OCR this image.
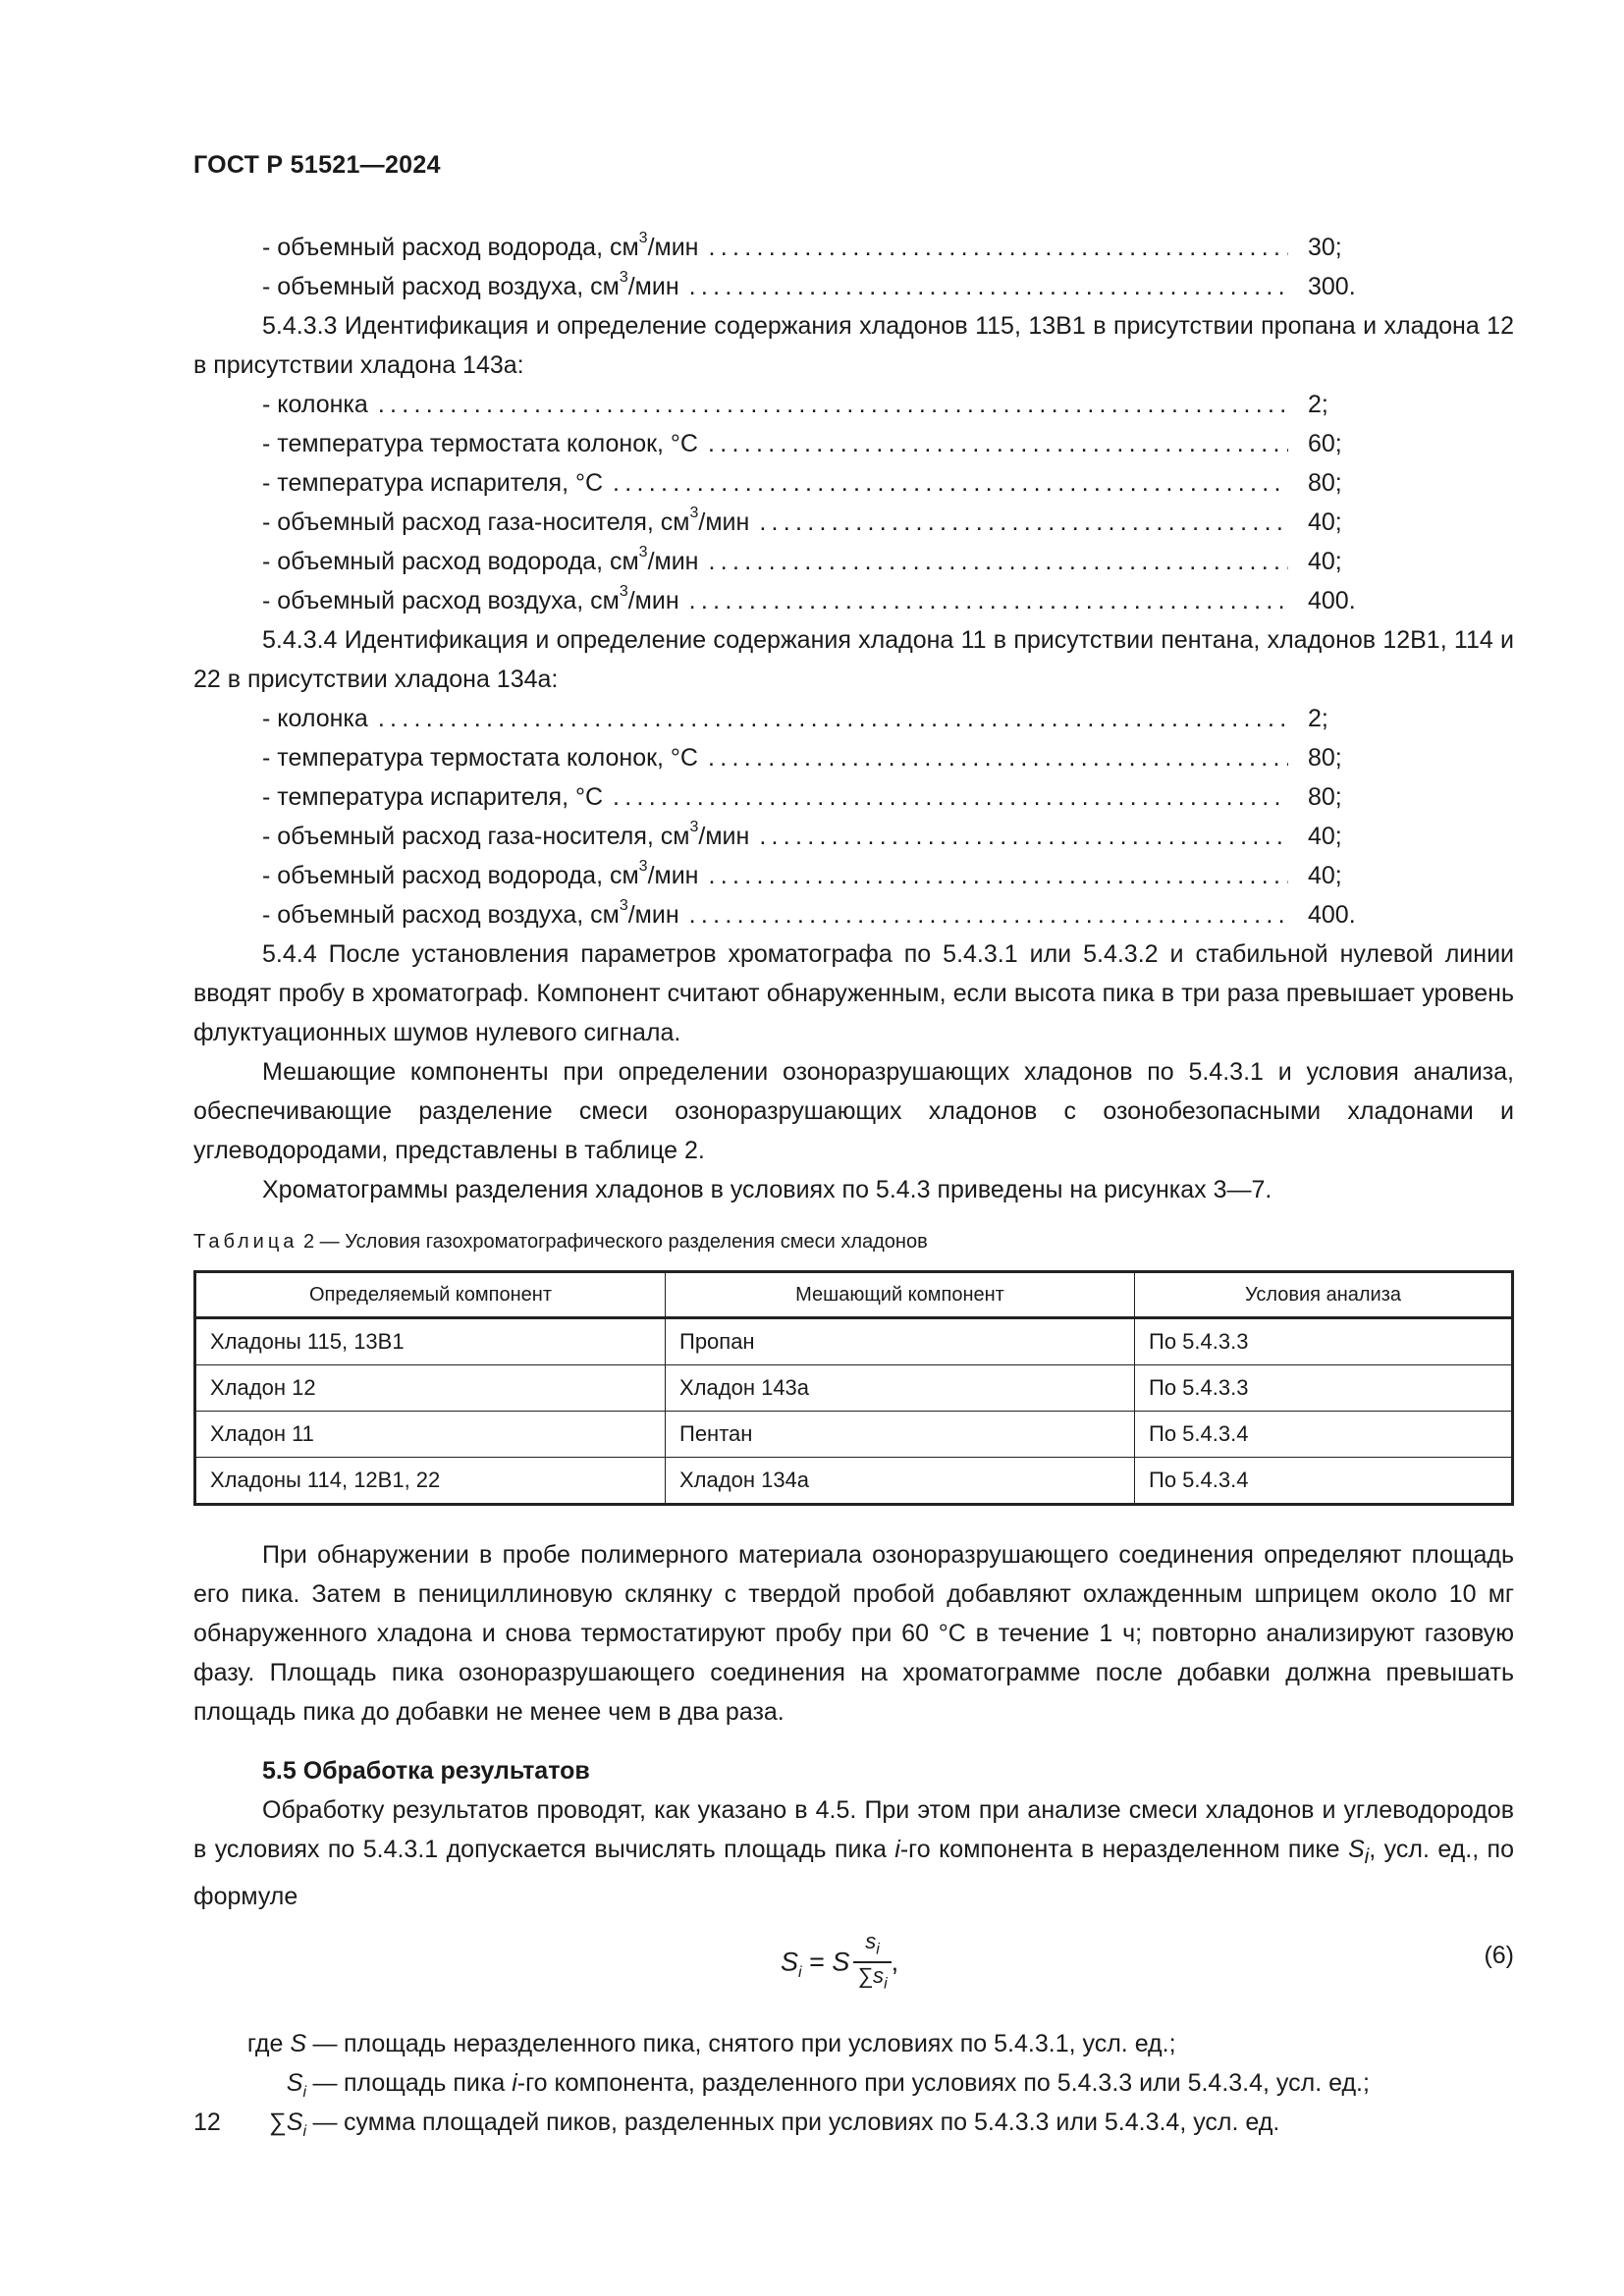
ГОСТ Р 51521—2024
- объемный расход водорода, $см^3$/мин .....	30;
- объемный расход воздуха, $см^3$/мин .....	300.
5.4.3.3 Идентификация и определение содержания хладонов 115, 13В1 в присутствии пропана и хладона 12 в присутствии хладона 143а:
- колонка .....	2;
- температура термостата колонок, °С .....	60;
- температура испарителя, °С .....	80;
- объемный расход газа-носителя, $см^3$/мин .....	40;
- объемный расход водорода, $см^3$/мин .....	40;
- объемный расход воздуха, $см^3$/мин .....	400.
5.4.3.4 Идентификация и определение содержания хладона 11 в присутствии пентана, хладонов 12В1, 114 и 22 в присутствии хладона 134а:
- колонка .....	2;
- температура термостата колонок, °С .....	80;
- температура испарителя, °С .....	80;
- объемный расход газа-носителя, $см^3$/мин .....	40;
- объемный расход водорода, $см^3$/мин .....	40;
- объемный расход воздуха, $см^3$/мин .....	400.
5.4.4 После установления параметров хроматографа по 5.4.3.1 или 5.4.3.2 и стабильной нулевой линии вводят пробу в хроматограф. Компонент считают обнаруженным, если высота пика в три раза превышает уровень флуктуационных шумов нулевого сигнала.
Мешающие компоненты при определении озоноразрушающих хладонов по 5.4.3.1 и условия анализа, обеспечивающие разделение смеси озоноразрушающих хладонов с озонобезопасными хладонами и углеводородами, представлены в таблице 2.
Хроматограммы разделения хладонов в условиях по 5.4.3 приведены на рисунках 3—7.
Таблица 2 — Условия газохроматографического разделения смеси хладонов
Определяемый компонент	Мешающий компонент	Условия анализа
Хладоны 115, 13В1	Пропан	По 5.4.3.3
Хладон 12	Хладон 143а	По 5.4.3.3
Хладон 11	Пентан	По 5.4.3.4
Хладоны 114, 12В1, 22	Хладон 134а	По 5.4.3.4
При обнаружении в пробе полимерного материала озоноразрушающего соединения определяют площадь его пика. Затем в пенициллиновую склянку с твердой пробой добавляют охлажденным шприцем около 10 мг обнаруженного хладона и снова термостатируют пробу при 60 °С в течение 1 ч; повторно анализируют газовую фазу. Площадь пика озоноразрушающего соединения на хроматограмме после добавки должна превышать площадь пика до добавки не менее чем в два раза.
5.5 Обработка результатов
Обработку результатов проводят, как указано в 4.5. При этом при анализе смеси хладонов и углеводородов в условиях по 5.4.3.1 допускается вычислять площадь пика i-го компонента в неразделенном пике $S_i$, усл. ед., по формуле
$S_i = S \frac{s_i}{\sum s_i}$ ,	(6)
где S — площадь неразделенного пика, снятого при условиях по 5.4.3.1, усл. ед.;
$S_i$ — площадь пика i-го компонента, разделенного при условиях по 5.4.3.3 или 5.4.3.4, усл. ед.;
$\sum S_i$ — сумма площадей пиков, разделенных при условиях по 5.4.3.3 или 5.4.3.4, усл. ед.
12
